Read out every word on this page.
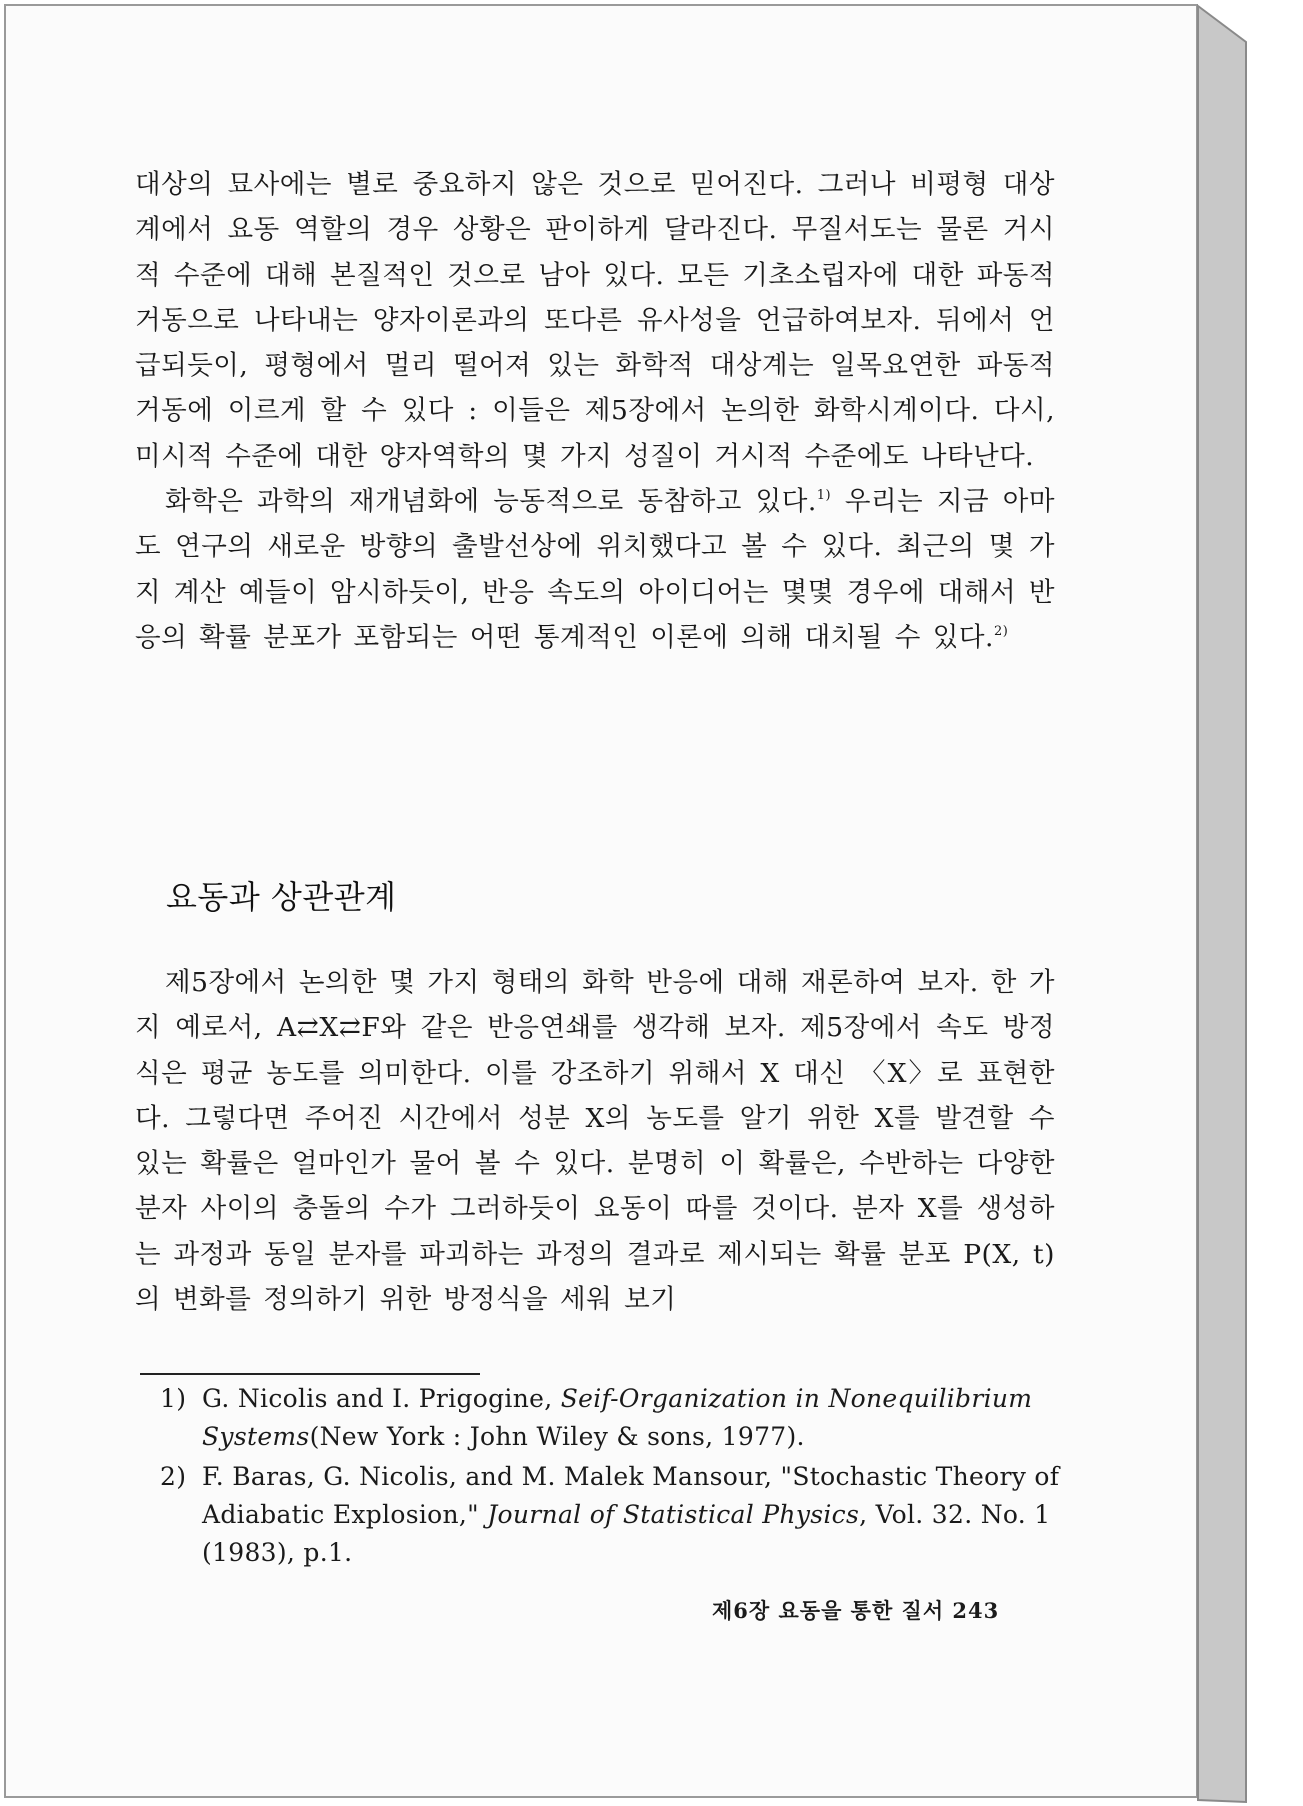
대상의 묘사에는 별로 중요하지 않은 것으로 믿어진다. 그러나 비평형 대상계에서 요동 역할의 경우 상황은 판이하게 달라진다. 무질서도는 물론 거시적 수준에 대해 본질적인 것으로 남아 있다. 모든 기초소립자에 대한 파동적 거동으로 나타내는 양자이론과의 또다른 유사성을 언급하여보자. 뒤에서 언급되듯이, 평형에서 멀리 떨어져 있는 화학적 대상계는 일목요연한 파동적 거동에 이르게 할 수 있다 : 이들은 제5장에서 논의한 화학시계이다. 다시, 미시적 수준에 대한 양자역학의 몇 가지 성질이 거시적 수준에도 나타난다.

화학은 과학의 재개념화에 능동적으로 동참하고 있다.$^{1)}$ 우리는 지금 아마도 연구의 새로운 방향의 출발선상에 위치했다고 볼 수 있다. 최근의 몇 가지 계산 예들이 암시하듯이, 반응 속도의 아이디어는 몇몇 경우에 대해서 반응의 확률 분포가 포함되는 어떤 통계적인 이론에 의해 대치될 수 있다.$^{2)}$

요동과 상관관계

제5장에서 논의한 몇 가지 형태의 화학 반응에 대해 재론하여 보자. 한 가지 예로서, A⇄X⇄F와 같은 반응연쇄를 생각해 보자. 제5장에서 속도 방정식은 평균 농도를 의미한다. 이를 강조하기 위해서 X 대신 〈X〉로 표현한다. 그렇다면 주어진 시간에서 성분 X의 농도를 알기 위한 X를 발견할 수 있는 확률은 얼마인가 물어 볼 수 있다. 분명히 이 확률은, 수반하는 다양한 분자 사이의 충돌의 수가 그러하듯이 요동이 따를 것이다. 분자 X를 생성하는 과정과 동일 분자를 파괴하는 과정의 결과로 제시되는 확률 분포 P(X, t)의 변화를 정의하기 위한 방정식을 세워 보기

1) G. Nicolis and I. Prigogine, Seif-Organization in Nonequilibrium Systems(New York : John Wiley & sons, 1977).

2) F. Baras, G. Nicolis, and M. Malek Mansour, "Stochastic Theory of Adiabatic Explosion," Journal of Statistical Physics, Vol. 32. No. 1 (1983), p.1.

제6장 요동을 통한 질서 243
